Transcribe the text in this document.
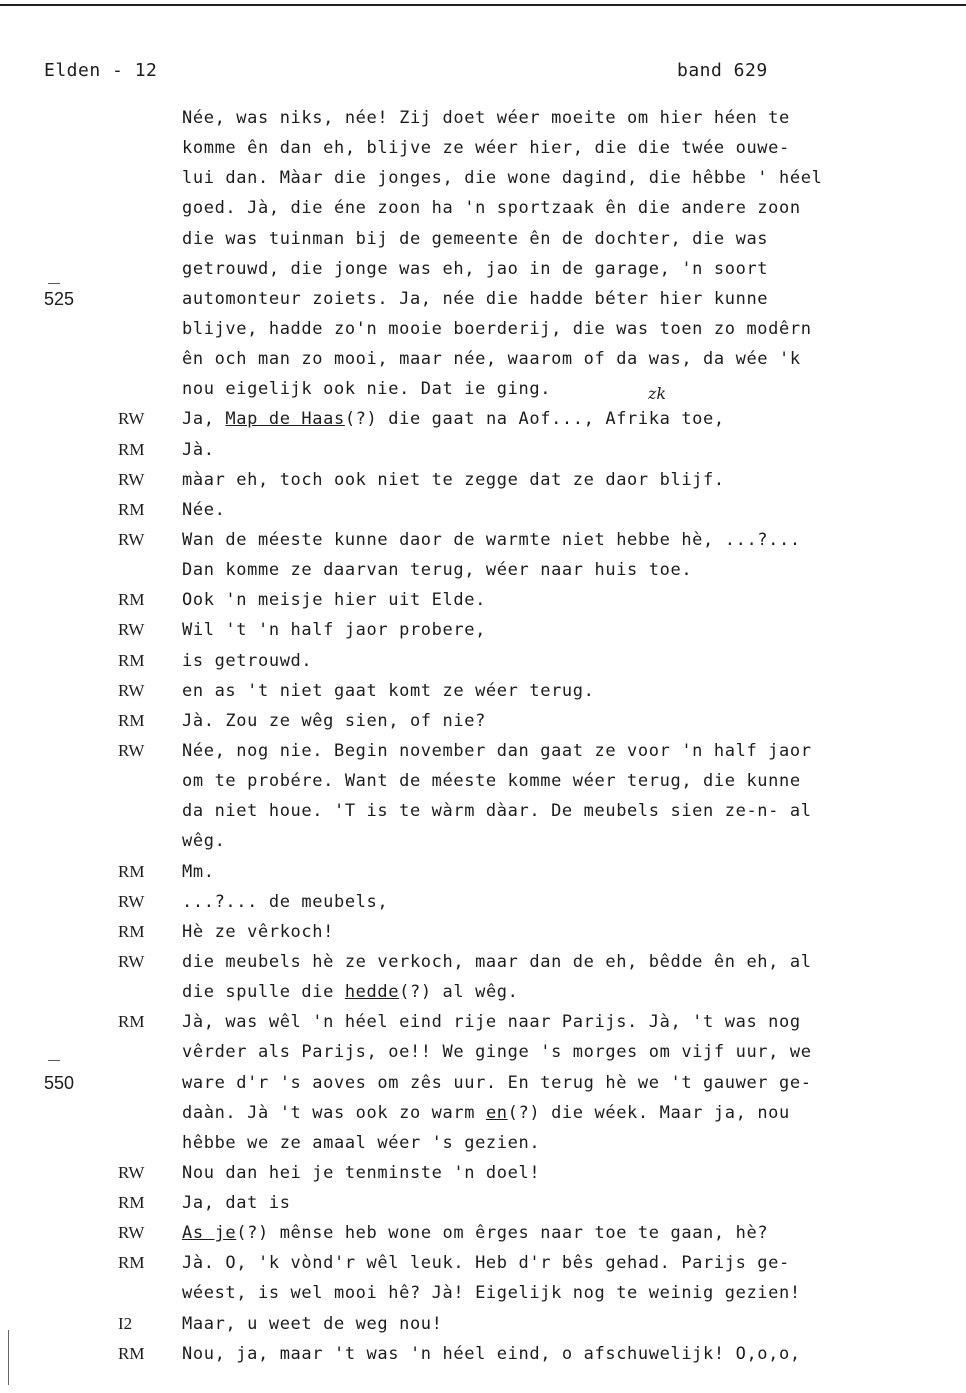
Elden - 12	band 629
zk
Née, was niks, née! Zij doet wéer moeite om hier héen te
komme ên dan eh, blijve ze wéer hier, die die twée ouwe-
lui dan. Màar die jonges, die wone dagind, die hêbbe ' héel
goed. Jà, die éne zoon ha 'n sportzaak ên die andere zoon
die was tuinman bij de gemeente ên de dochter, die was
getrouwd, die jonge was eh, jao in de garage, 'n soort
525	automonteur zoiets. Ja, née die hadde béter hier kunne
blijve, hadde zo'n mooie boerderij, die was toen zo modêrn
ên och man zo mooi, maar née, waarom of da was, da wée 'k
nou eigelijk ook nie. Dat ie ging.
RW Ja, Map de Haas(?) die gaat na Aof..., Afrika toe,
RM Jà.
RW màar eh, toch ook niet te zegge dat ze daor blijf.
RM Née.
RW Wan de méeste kunne daor de warmte niet hebbe hè, ...?...
Dan komme ze daarvan terug, wéer naar huis toe.
RM Ook 'n meisje hier uit Elde.
RW Wil 't 'n half jaor probere,
RM is getrouwd.
RW en as 't niet gaat komt ze wéer terug.
RM Jà. Zou ze wêg sien, of nie?
RW Née, nog nie. Begin november dan gaat ze voor 'n half jaor
om te probére. Want de méeste komme wéer terug, die kunne
da niet houe. 'T is te wàrm dàar. De meubels sien ze-n- al
wêg.
RM Mm.
RW ...?... de meubels,
RM Hè ze vêrkoch!
RW die meubels hè ze verkoch, maar dan de eh, bêdde ên eh, al
die spulle die hedde(?) al wêg.
RM Jà, was wêl 'n héel eind rije naar Parijs. Jà, 't was nog
vêrder als Parijs, oe!! We ginge 's morges om vijf uur, we
550	ware d'r 's aoves om zês uur. En terug hè we 't gauwer ge-
daàn. Jà 't was ook zo warm en(?) die wéek. Maar ja, nou
hêbbe we ze amaal wéer 's gezien.
RW Nou dan hei je tenminste 'n doel!
RM Ja, dat is
RW As je(?) mênse heb wone om êrges naar toe te gaan, hè?
RM Jà. O, 'k vònd'r wêl leuk. Heb d'r bês gehad. Parijs ge-
wéest, is wel mooi hê? Jà! Eigelijk nog te weinig gezien!
I2	Maar, u weet de weg nou!
RM Nou, ja, maar 't was 'n héel eind, o afschuwelijk! O,o,o,
